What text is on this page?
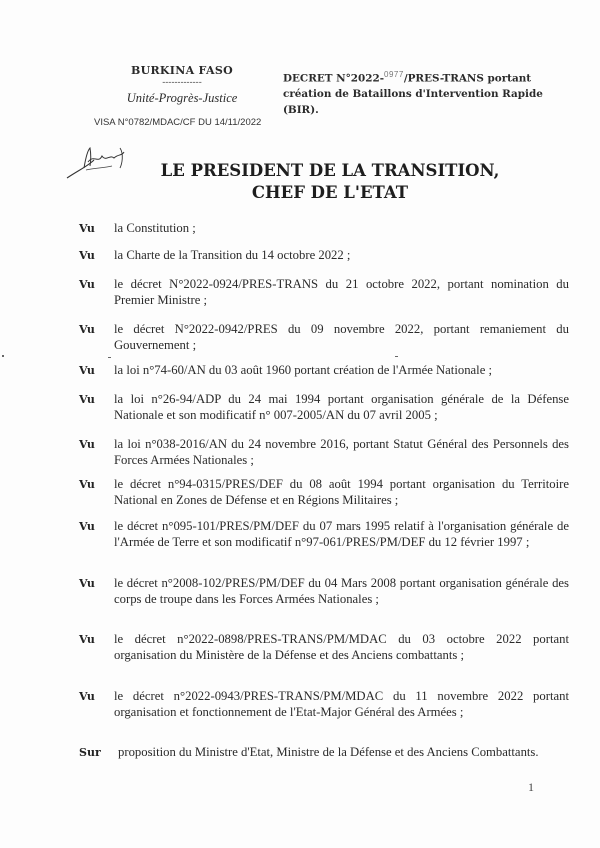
BURKINA FASO
-------------
Unité-Progrès-Justice
VISA N°0782/MDAC/CF DU 14/11/2022
DECRET N°2022-$^{0977}$/PRES-TRANS portant création de Bataillons d'Intervention Rapide (BIR).
LE PRESIDENT DE LA TRANSITION,
CHEF DE L'ETAT
Vu la Constitution ;
Vu la Charte de la Transition du 14 octobre 2022 ;
Vu le décret N°2022-0924/PRES-TRANS du 21 octobre 2022, portant nomination du Premier Ministre ;
Vu le décret N°2022-0942/PRES du 09 novembre 2022, portant remaniement du Gouvernement ;
Vu la loi n°74-60/AN du 03 août 1960 portant création de l'Armée Nationale ;
Vu la loi n°26-94/ADP du 24 mai 1994 portant organisation générale de la Défense Nationale et son modificatif n° 007-2005/AN du 07 avril 2005 ;
Vu la loi n°038-2016/AN du 24 novembre 2016, portant Statut Général des Personnels des Forces Armées Nationales ;
Vu le décret n°94-0315/PRES/DEF du 08 août 1994 portant organisation du Territoire National en Zones de Défense et en Régions Militaires ;
Vu le décret n°095-101/PRES/PM/DEF du 07 mars 1995 relatif à l'organisation générale de l'Armée de Terre et son modificatif n°97-061/PRES/PM/DEF du 12 février 1997 ;
Vu le décret n°2008-102/PRES/PM/DEF du 04 Mars 2008 portant organisation générale des corps de troupe dans les Forces Armées Nationales ;
Vu le décret n°2022-0898/PRES-TRANS/PM/MDAC du 03 octobre 2022 portant organisation du Ministère de la Défense et des Anciens combattants ;
Vu le décret n°2022-0943/PRES-TRANS/PM/MDAC du 11 novembre 2022 portant organisation et fonctionnement de l'Etat-Major Général des Armées ;
Sur proposition du Ministre d'Etat, Ministre de la Défense et des Anciens Combattants.
1
